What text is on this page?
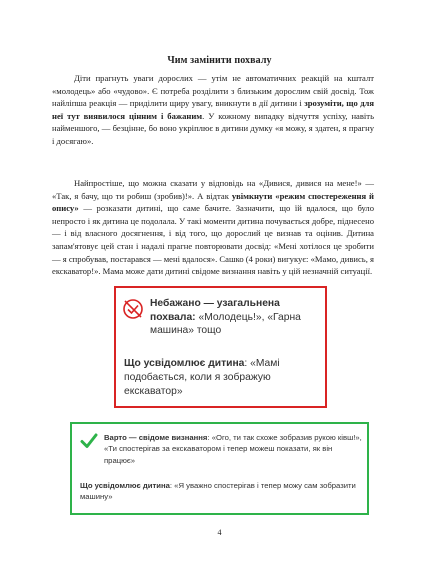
Чим замінити похвалу

Діти прагнуть уваги дорослих — утім не автоматичних реакцій на кшталт «молодець» або «чудово». Є потреба розділити з близьким дорослим свій досвід. Тож найліпша реакція — приділити щиру увагу, вникнути в дії дитини і зрозуміти, що для неї тут виявилося цінним і бажаним. У кожному випадку відчуття успіху, навіть найменшого, — безцінне, бо воно укріплює в дитини думку «я можу, я здатен, я прагну і досягаю».

Найпростіше, що можна сказати у відповідь на «Дивися, дивися на мене!» — «Так, я бачу, що ти робиш (зробив)!». А відтак увімкнути «режим спостереження й опису» — розказати дитині, що саме бачите. Зазначити, що їй вдалося, що було непросто і як дитина це подолала. У такі моменти дитина почувається добре, піднесено — і від власного досягнення, і від того, що дорослий це визнав та оцінив. Дитина запам'ятовує цей стан і надалі прагне повторювати досвід: «Мені хотілося це зробити — я спробував, постарався — мені вдалося». Сашко (4 роки) вигукує: «Мамо, дивись, я екскаватор!». Мама може дати дитині свідоме визнання навіть у цій незначній ситуації.

Небажано — узагальнена похвала: «Молодець!», «Гарна машина» тощо
Що усвідомлює дитина: «Мамі подобається, коли я зображую екскаватор»
Варто — свідоме визнання: «Ого, ти так схоже зобразив рукою ківш!», «Ти спостерігав за екскаватором і тепер можеш показати, як він працює»
Що усвідомлює дитина: «Я уважно спостерігав і тепер можу сам зобразити машину»
4
